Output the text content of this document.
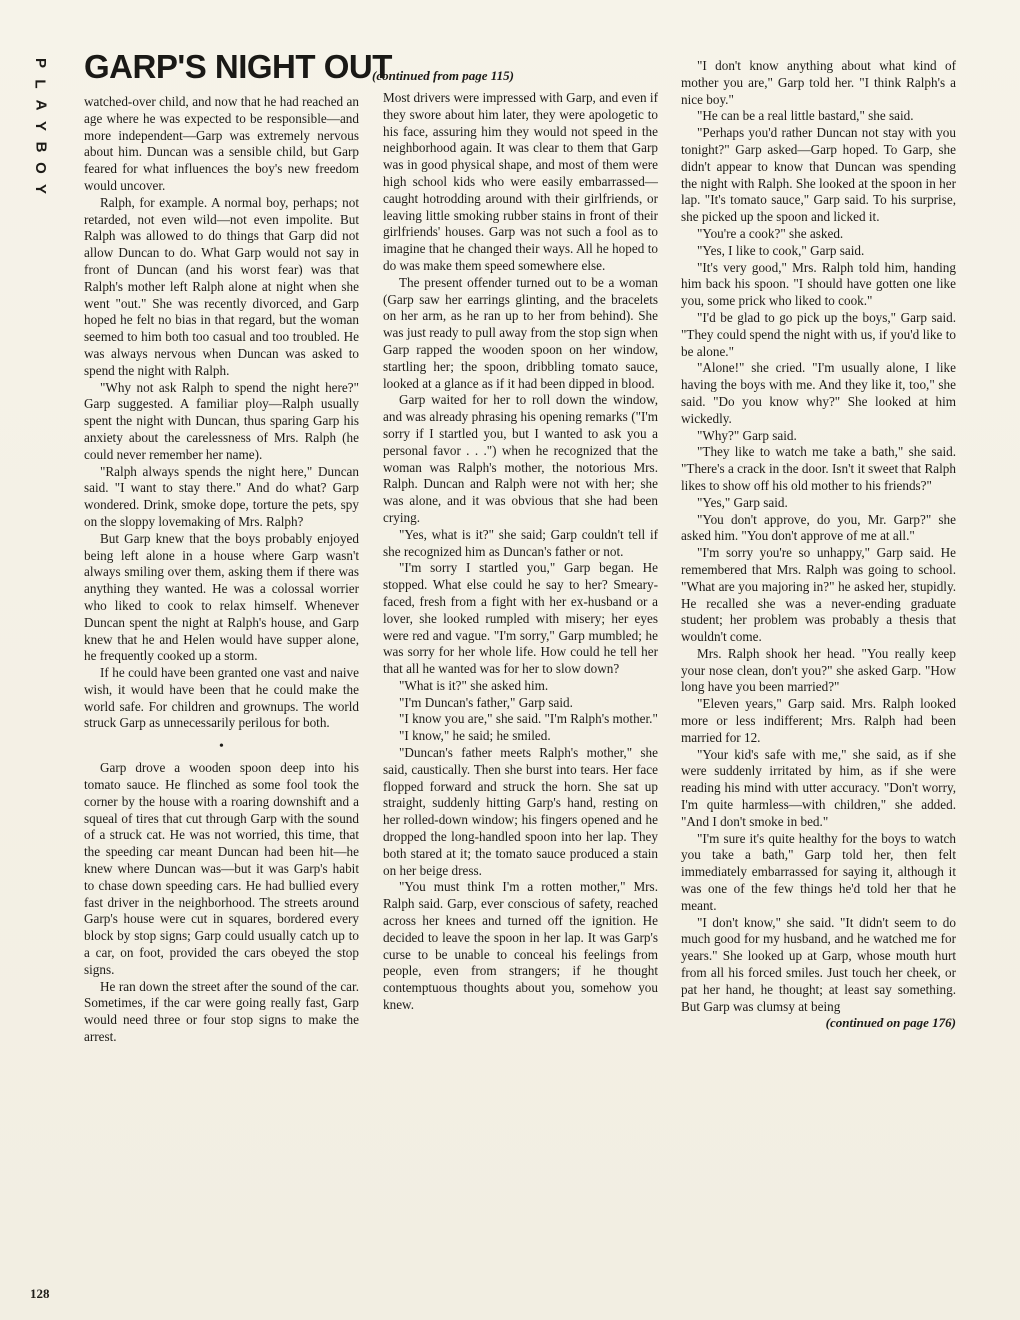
P
L
A
Y
B
O
Y
GARP'S NIGHT OUT
(continued from page 115)

watched-over child, and now that he had reached an age where he was expected to be responsible—and more independent—Garp was extremely nervous about him. Duncan was a sensible child, but Garp feared for what influences the boy's new freedom would uncover.

Ralph, for example. A normal boy, perhaps; not retarded, not even wild—not even impolite. But Ralph was allowed to do things that Garp did not allow Duncan to do. What Garp would not say in front of Duncan (and his worst fear) was that Ralph's mother left Ralph alone at night when she went "out." She was recently divorced, and Garp hoped he felt no bias in that regard, but the woman seemed to him both too casual and too troubled. He was always nervous when Duncan was asked to spend the night with Ralph.

"Why not ask Ralph to spend the night here?" Garp suggested. A familiar ploy—Ralph usually spent the night with Duncan, thus sparing Garp his anxiety about the carelessness of Mrs. Ralph (he could never remember her name).

"Ralph always spends the night here," Duncan said. "I want to stay there." And do what? Garp wondered. Drink, smoke dope, torture the pets, spy on the sloppy lovemaking of Mrs. Ralph?

But Garp knew that the boys probably enjoyed being left alone in a house where Garp wasn't always smiling over them, asking them if there was anything they wanted. He was a colossal worrier who liked to cook to relax himself. Whenever Duncan spent the night at Ralph's house, and Garp knew that he and Helen would have supper alone, he frequently cooked up a storm.

If he could have been granted one vast and naive wish, it would have been that he could make the world safe. For children and grownups. The world struck Garp as unnecessarily perilous for both.

•

Garp drove a wooden spoon deep into his tomato sauce. He flinched as some fool took the corner by the house with a roaring downshift and a squeal of tires that cut through Garp with the sound of a struck cat. He was not worried, this time, that the speeding car meant Duncan had been hit—he knew where Duncan was—but it was Garp's habit to chase down speeding cars. He had bullied every fast driver in the neighborhood. The streets around Garp's house were cut in squares, bordered every block by stop signs; Garp could usually catch up to a car, on foot, provided the cars obeyed the stop signs.

He ran down the street after the sound of the car. Sometimes, if the car were going really fast, Garp would need three or four stop signs to make the arrest.

Most drivers were impressed with Garp, and even if they swore about him later, they were apologetic to his face, assuring him they would not speed in the neighborhood again. It was clear to them that Garp was in good physical shape, and most of them were high school kids who were easily embarrassed—caught hotrodding around with their girlfriends, or leaving little smoking rubber stains in front of their girlfriends' houses. Garp was not such a fool as to imagine that he changed their ways. All he hoped to do was make them speed somewhere else.

The present offender turned out to be a woman (Garp saw her earrings glinting, and the bracelets on her arm, as he ran up to her from behind). She was just ready to pull away from the stop sign when Garp rapped the wooden spoon on her window, startling her; the spoon, dribbling tomato sauce, looked at a glance as if it had been dipped in blood.

Garp waited for her to roll down the window, and was already phrasing his opening remarks ("I'm sorry if I startled you, but I wanted to ask you a personal favor . . .") when he recognized that the woman was Ralph's mother, the notorious Mrs. Ralph. Duncan and Ralph were not with her; she was alone, and it was obvious that she had been crying.

"Yes, what is it?" she said; Garp couldn't tell if she recognized him as Duncan's father or not.

"I'm sorry I startled you," Garp began. He stopped. What else could he say to her? Smeary-faced, fresh from a fight with her ex-husband or a lover, she looked rumpled with misery; her eyes were red and vague. "I'm sorry," Garp mumbled; he was sorry for her whole life. How could he tell her that all he wanted was for her to slow down?

"What is it?" she asked him.

"I'm Duncan's father," Garp said.

"I know you are," she said. "I'm Ralph's mother."

"I know," he said; he smiled.

"Duncan's father meets Ralph's mother," she said, caustically. Then she burst into tears. Her face flopped forward and struck the horn. She sat up straight, suddenly hitting Garp's hand, resting on her rolled-down window; his fingers opened and he dropped the long-handled spoon into her lap. They both stared at it; the tomato sauce produced a stain on her beige dress.

"You must think I'm a rotten mother," Mrs. Ralph said. Garp, ever conscious of safety, reached across her knees and turned off the ignition. He decided to leave the spoon in her lap. It was Garp's curse to be unable to conceal his feelings from people, even from strangers; if he thought contemptuous thoughts about you, somehow you knew.

"I don't know anything about what kind of mother you are," Garp told her. "I think Ralph's a nice boy."

"He can be a real little bastard," she said.

"Perhaps you'd rather Duncan not stay with you tonight?" Garp asked—Garp hoped. To Garp, she didn't appear to know that Duncan was spending the night with Ralph. She looked at the spoon in her lap. "It's tomato sauce," Garp said. To his surprise, she picked up the spoon and licked it.

"You're a cook?" she asked.

"Yes, I like to cook," Garp said.

"It's very good," Mrs. Ralph told him, handing him back his spoon. "I should have gotten one like you, some prick who liked to cook."

"I'd be glad to go pick up the boys," Garp said. "They could spend the night with us, if you'd like to be alone."

"Alone!" she cried. "I'm usually alone, I like having the boys with me. And they like it, too," she said. "Do you know why?" She looked at him wickedly.

"Why?" Garp said.

"They like to watch me take a bath," she said. "There's a crack in the door. Isn't it sweet that Ralph likes to show off his old mother to his friends?"

"Yes," Garp said.

"You don't approve, do you, Mr. Garp?" she asked him. "You don't approve of me at all."

"I'm sorry you're so unhappy," Garp said. He remembered that Mrs. Ralph was going to school. "What are you majoring in?" he asked her, stupidly. He recalled she was a never-ending graduate student; her problem was probably a thesis that wouldn't come.

Mrs. Ralph shook her head. "You really keep your nose clean, don't you?" she asked Garp. "How long have you been married?"

"Eleven years," Garp said. Mrs. Ralph looked more or less indifferent; Mrs. Ralph had been married for 12.

"Your kid's safe with me," she said, as if she were suddenly irritated by him, as if she were reading his mind with utter accuracy. "Don't worry, I'm quite harmless—with children," she added. "And I don't smoke in bed."

"I'm sure it's quite healthy for the boys to watch you take a bath," Garp told her, then felt immediately embarrassed for saying it, although it was one of the few things he'd told her that he meant.

"I don't know," she said. "It didn't seem to do much good for my husband, and he watched me for years." She looked up at Garp, whose mouth hurt from all his forced smiles. Just touch her cheek, or pat her hand, he thought; at least say something. But Garp was clumsy at being

(continued on page 176)
128
